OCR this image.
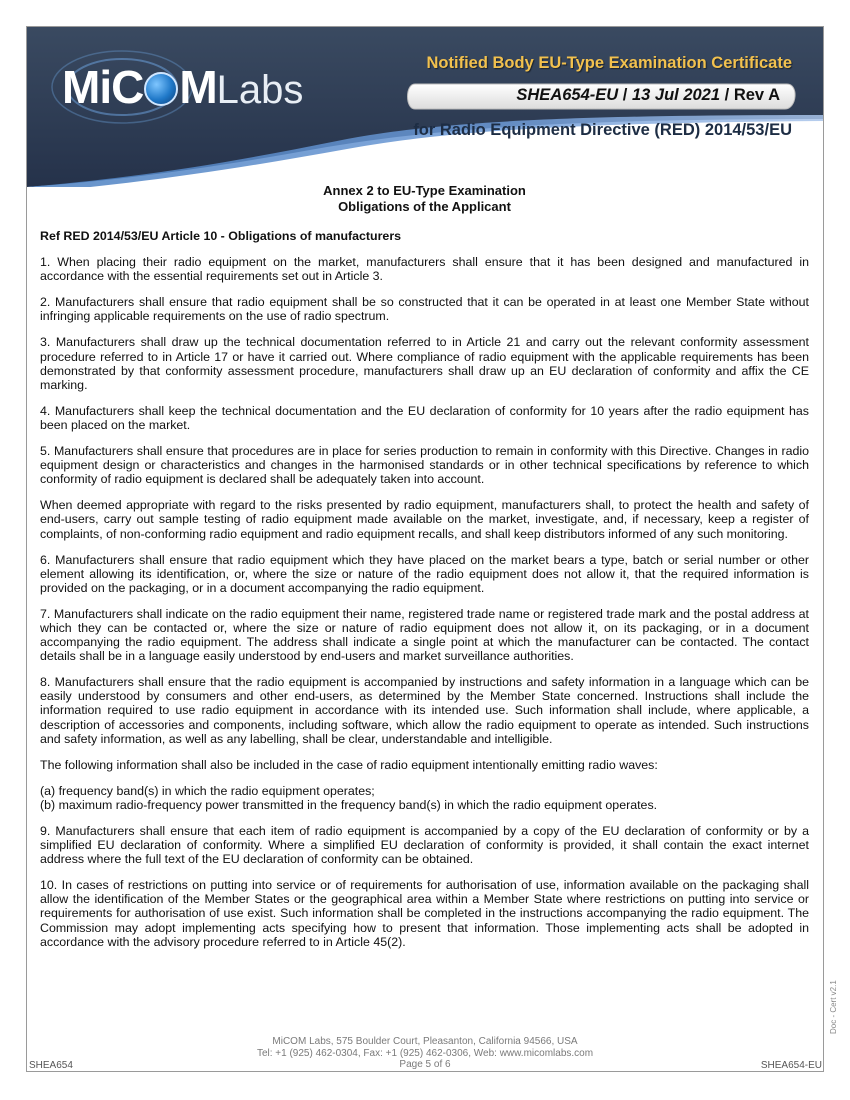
MiC MLabs
Notified Body EU-Type Examination Certificate
SHEA654-EU / 13 Jul 2021 / Rev A
for Radio Equipment Directive (RED) 2014/53/EU
Annex 2 to EU-Type Examination
Obligations of the Applicant
Ref RED 2014/53/EU Article 10 - Obligations of manufacturers

1. When placing their radio equipment on the market, manufacturers shall ensure that it has been designed and manufactured in accordance with the essential requirements set out in Article 3.

2. Manufacturers shall ensure that radio equipment shall be so constructed that it can be operated in at least one Member State without infringing applicable requirements on the use of radio spectrum.

3. Manufacturers shall draw up the technical documentation referred to in Article 21 and carry out the relevant conformity assessment procedure referred to in Article 17 or have it carried out. Where compliance of radio equipment with the applicable requirements has been demonstrated by that conformity assessment procedure, manufacturers shall draw up an EU declaration of conformity and affix the CE marking.

4. Manufacturers shall keep the technical documentation and the EU declaration of conformity for 10 years after the radio equipment has been placed on the market.

5. Manufacturers shall ensure that procedures are in place for series production to remain in conformity with this Directive. Changes in radio equipment design or characteristics and changes in the harmonised standards or in other technical specifications by reference to which conformity of radio equipment is declared shall be adequately taken into account.

When deemed appropriate with regard to the risks presented by radio equipment, manufacturers shall, to protect the health and safety of end-users, carry out sample testing of radio equipment made available on the market, investigate, and, if necessary, keep a register of complaints, of non-conforming radio equipment and radio equipment recalls, and shall keep distributors informed of any such monitoring.

6. Manufacturers shall ensure that radio equipment which they have placed on the market bears a type, batch or serial number or other element allowing its identification, or, where the size or nature of the radio equipment does not allow it, that the required information is provided on the packaging, or in a document accompanying the radio equipment.

7. Manufacturers shall indicate on the radio equipment their name, registered trade name or registered trade mark and the postal address at which they can be contacted or, where the size or nature of radio equipment does not allow it, on its packaging, or in a document accompanying the radio equipment. The address shall indicate a single point at which the manufacturer can be contacted. The contact details shall be in a language easily understood by end-users and market surveillance authorities.

8. Manufacturers shall ensure that the radio equipment is accompanied by instructions and safety information in a language which can be easily understood by consumers and other end-users, as determined by the Member State concerned. Instructions shall include the information required to use radio equipment in accordance with its intended use. Such information shall include, where applicable, a description of accessories and components, including software, which allow the radio equipment to operate as intended. Such instructions and safety information, as well as any labelling, shall be clear, understandable and intelligible.

The following information shall also be included in the case of radio equipment intentionally emitting radio waves:

(a) frequency band(s) in which the radio equipment operates;
(b) maximum radio-frequency power transmitted in the frequency band(s) in which the radio equipment operates.

9. Manufacturers shall ensure that each item of radio equipment is accompanied by a copy of the EU declaration of conformity or by a simplified EU declaration of conformity. Where a simplified EU declaration of conformity is provided, it shall contain the exact internet address where the full text of the EU declaration of conformity can be obtained.

10. In cases of restrictions on putting into service or of requirements for authorisation of use, information available on the packaging shall allow the identification of the Member States or the geographical area within a Member State where restrictions on putting into service or requirements for authorisation of use exist. Such information shall be completed in the instructions accompanying the radio equipment. The Commission may adopt implementing acts specifying how to present that information. Those implementing acts shall be adopted in accordance with the advisory procedure referred to in Article 45(2).

MiCOM Labs, 575 Boulder Court, Pleasanton, California 94566, USA
Tel: +1 (925) 462-0304, Fax: +1 (925) 462-0306, Web: www.micomlabs.com
Page 5 of 6
SHEA654	SHEA654-EU
Doc - Cert v2.1
